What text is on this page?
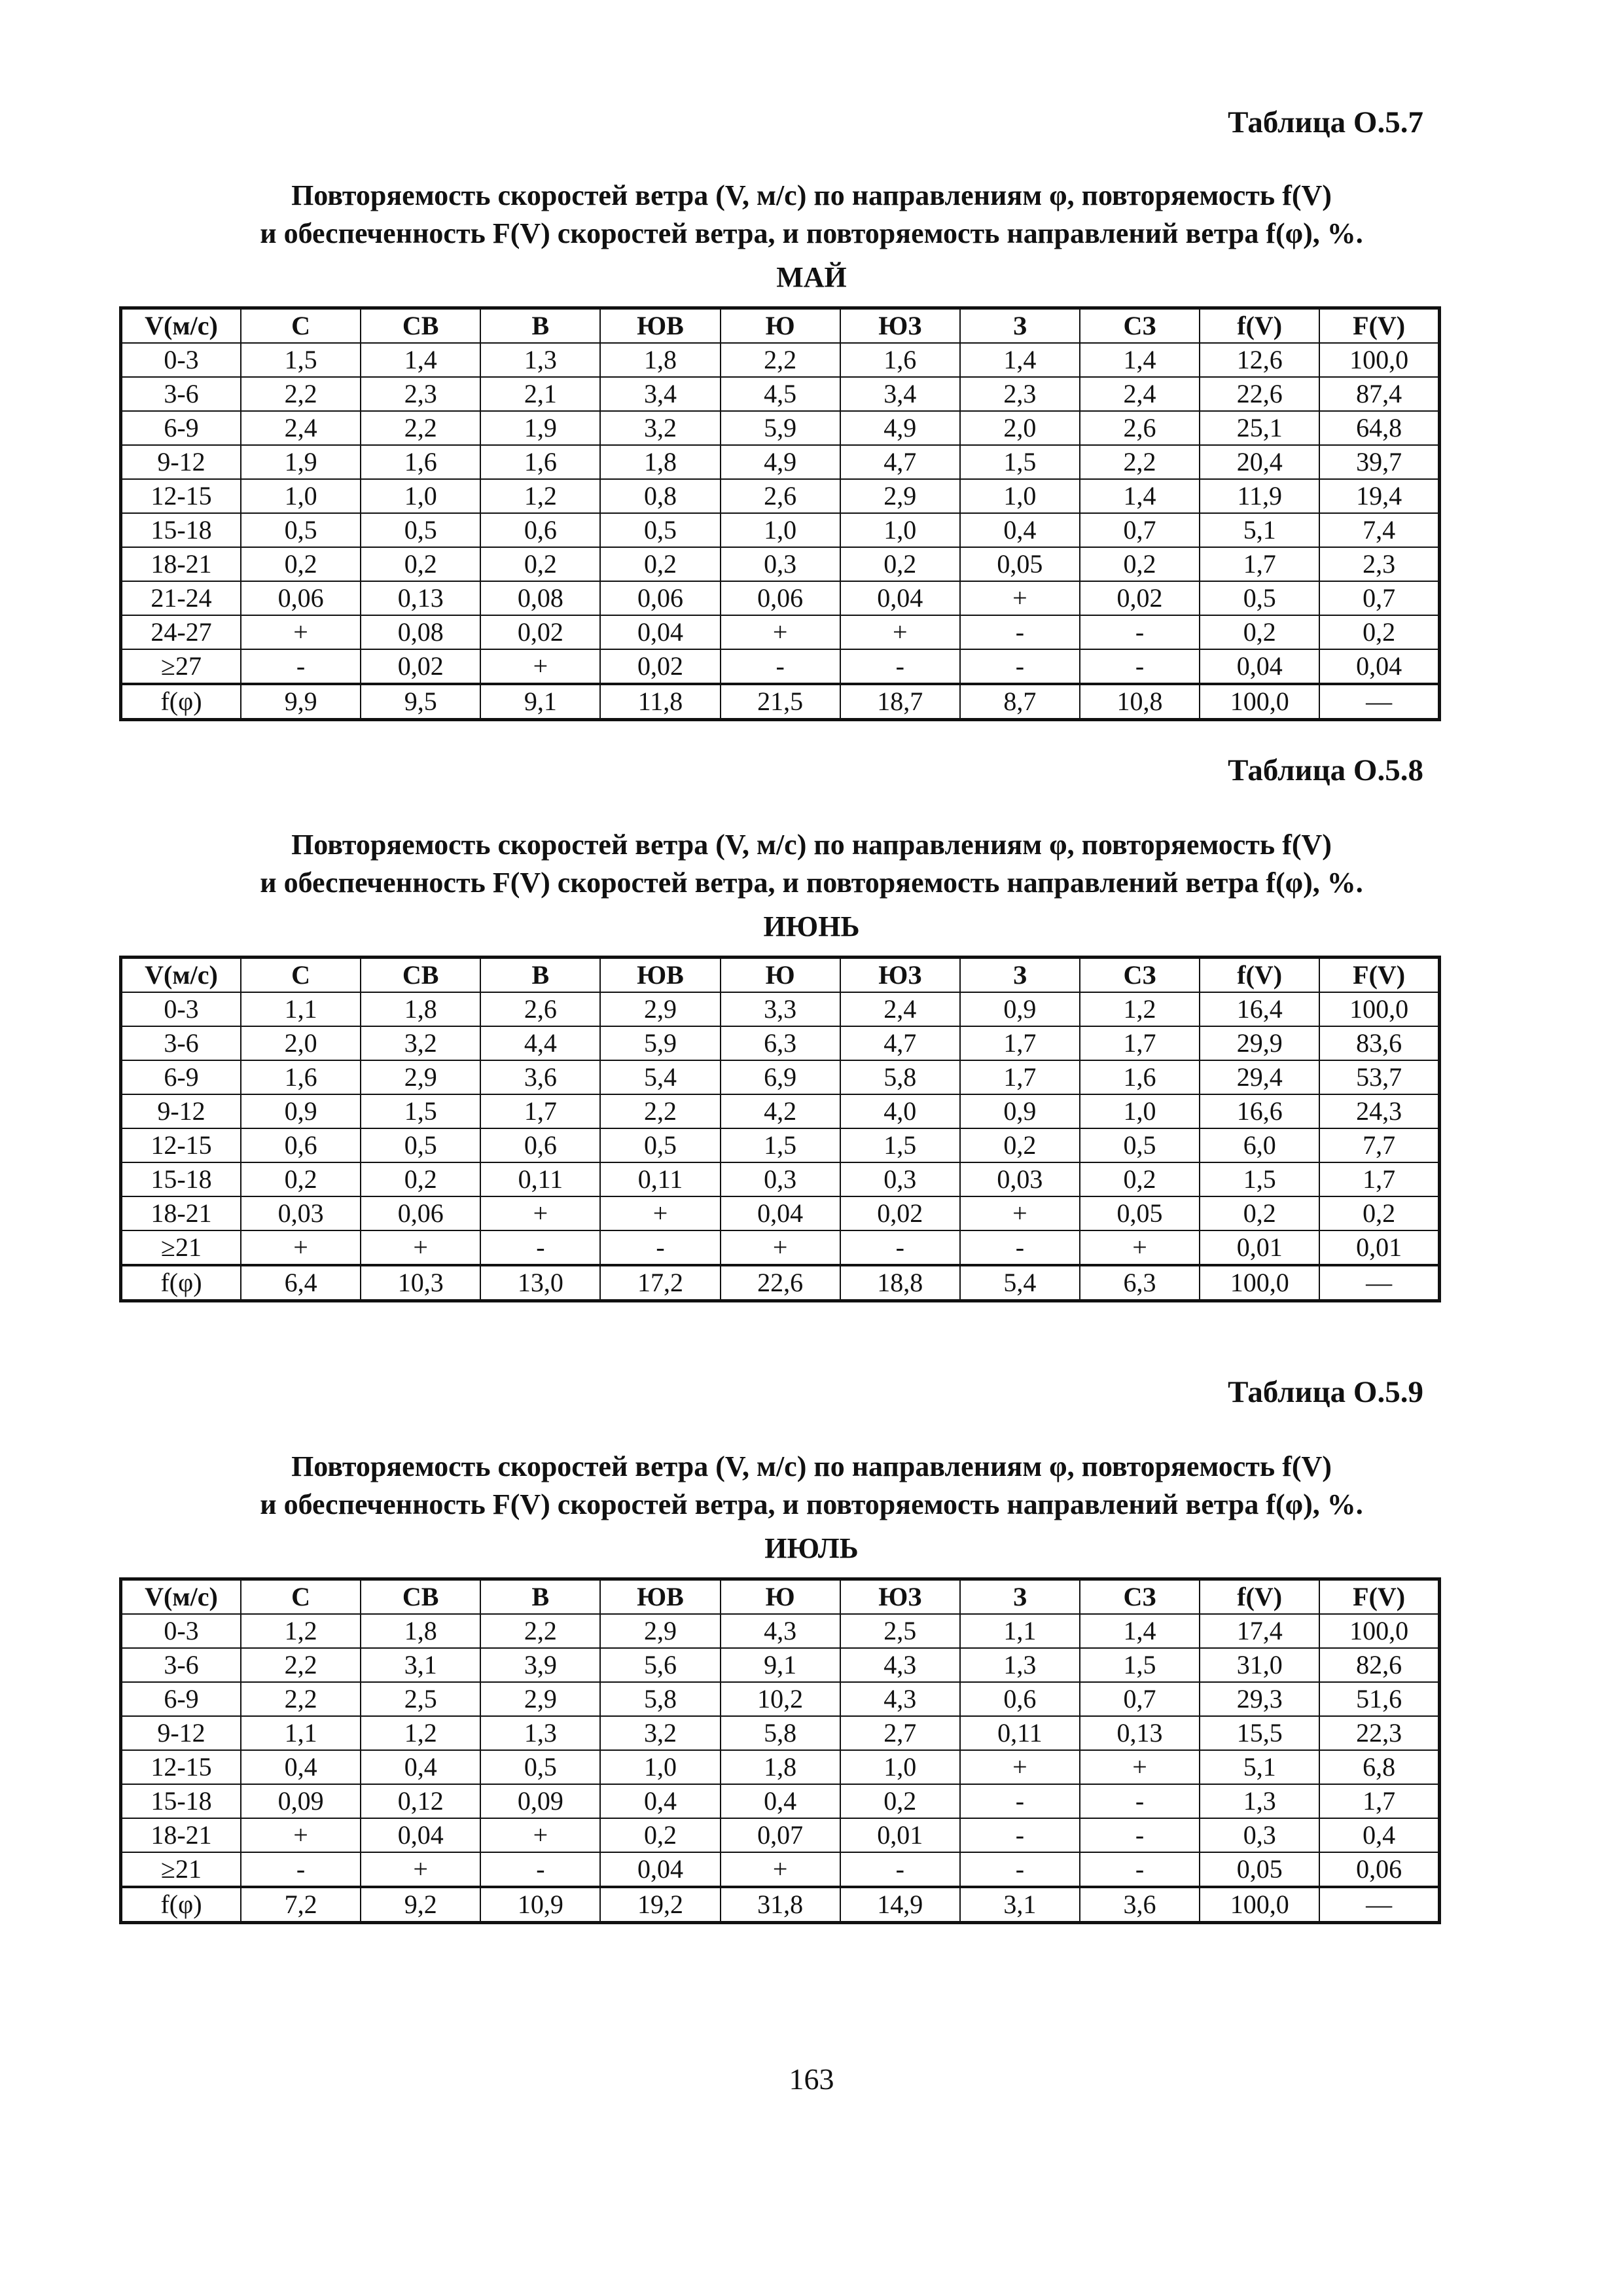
Таблица О.5.7
Повторяемость скоростей ветра (V, м/с) по направлениям φ, повторяемость f(V)
и обеспеченность F(V) скоростей ветра, и повторяемость направлений ветра f(φ), %.
МАЙ
V(м/с)	С	СВ	В	ЮВ	Ю	ЮЗ	З	СЗ	f(V)	F(V)
0-3	1,5	1,4	1,3	1,8	2,2	1,6	1,4	1,4	12,6	100,0
3-6	2,2	2,3	2,1	3,4	4,5	3,4	2,3	2,4	22,6	87,4
6-9	2,4	2,2	1,9	3,2	5,9	4,9	2,0	2,6	25,1	64,8
9-12	1,9	1,6	1,6	1,8	4,9	4,7	1,5	2,2	20,4	39,7
12-15	1,0	1,0	1,2	0,8	2,6	2,9	1,0	1,4	11,9	19,4
15-18	0,5	0,5	0,6	0,5	1,0	1,0	0,4	0,7	5,1	7,4
18-21	0,2	0,2	0,2	0,2	0,3	0,2	0,05	0,2	1,7	2,3
21-24	0,06	0,13	0,08	0,06	0,06	0,04	+	0,02	0,5	0,7
24-27	+	0,08	0,02	0,04	+	+	-	-	0,2	0,2
≥27	-	0,02	+	0,02	-	-	-	-	0,04	0,04
f(φ)	9,9	9,5	9,1	11,8	21,5	18,7	8,7	10,8	100,0	—
Таблица О.5.8
Повторяемость скоростей ветра (V, м/с) по направлениям φ, повторяемость f(V)
и обеспеченность F(V) скоростей ветра, и повторяемость направлений ветра f(φ), %.
ИЮНЬ
V(м/с)	С	СВ	В	ЮВ	Ю	ЮЗ	З	СЗ	f(V)	F(V)
0-3	1,1	1,8	2,6	2,9	3,3	2,4	0,9	1,2	16,4	100,0
3-6	2,0	3,2	4,4	5,9	6,3	4,7	1,7	1,7	29,9	83,6
6-9	1,6	2,9	3,6	5,4	6,9	5,8	1,7	1,6	29,4	53,7
9-12	0,9	1,5	1,7	2,2	4,2	4,0	0,9	1,0	16,6	24,3
12-15	0,6	0,5	0,6	0,5	1,5	1,5	0,2	0,5	6,0	7,7
15-18	0,2	0,2	0,11	0,11	0,3	0,3	0,03	0,2	1,5	1,7
18-21	0,03	0,06	+	+	0,04	0,02	+	0,05	0,2	0,2
≥21	+	+	-	-	+	-	-	+	0,01	0,01
f(φ)	6,4	10,3	13,0	17,2	22,6	18,8	5,4	6,3	100,0	—
Таблица О.5.9
Повторяемость скоростей ветра (V, м/с) по направлениям φ, повторяемость f(V)
и обеспеченность F(V) скоростей ветра, и повторяемость направлений ветра f(φ), %.
ИЮЛЬ
V(м/с)	С	СВ	В	ЮВ	Ю	ЮЗ	З	СЗ	f(V)	F(V)
0-3	1,2	1,8	2,2	2,9	4,3	2,5	1,1	1,4	17,4	100,0
3-6	2,2	3,1	3,9	5,6	9,1	4,3	1,3	1,5	31,0	82,6
6-9	2,2	2,5	2,9	5,8	10,2	4,3	0,6	0,7	29,3	51,6
9-12	1,1	1,2	1,3	3,2	5,8	2,7	0,11	0,13	15,5	22,3
12-15	0,4	0,4	0,5	1,0	1,8	1,0	+	+	5,1	6,8
15-18	0,09	0,12	0,09	0,4	0,4	0,2	-	-	1,3	1,7
18-21	+	0,04	+	0,2	0,07	0,01	-	-	0,3	0,4
≥21	-	+	-	0,04	+	-	-	-	0,05	0,06
f(φ)	7,2	9,2	10,9	19,2	31,8	14,9	3,1	3,6	100,0	—
163
